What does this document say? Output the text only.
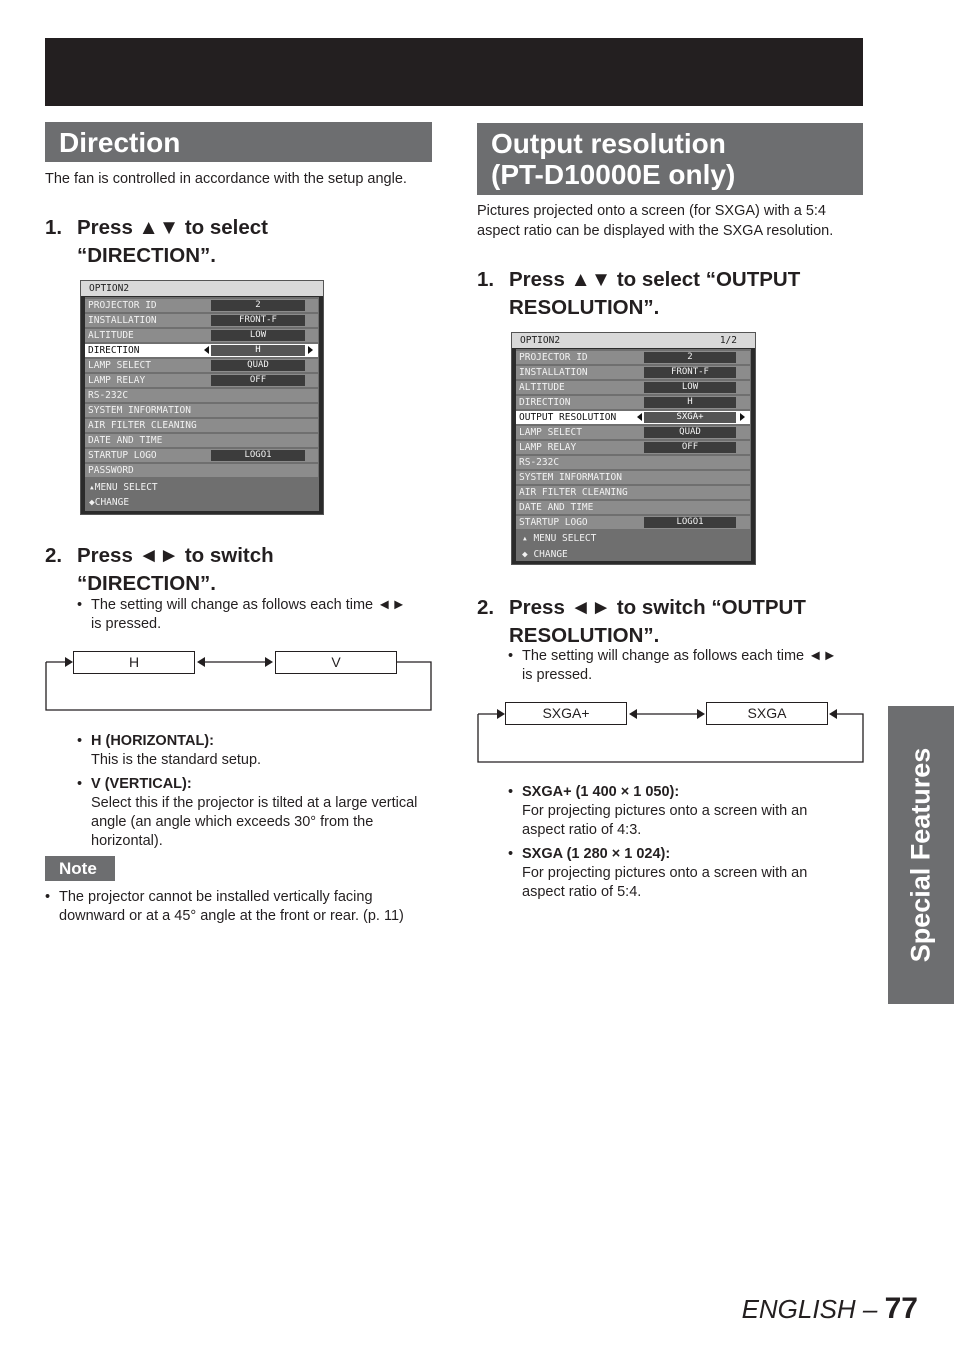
Direction
The fan is controlled in accordance with the setup angle.
1. Press ▲▼ to select “DIRECTION”.
OPTION2
PROJECTOR ID	2
INSTALLATION	FRONT-F
ALTITUDE	LOW
DIRECTION	H
LAMP SELECT	QUAD
LAMP RELAY	OFF
RS-232C
SYSTEM INFORMATION
AIR FILTER CLEANING
DATE AND TIME
STARTUP LOGO	LOGO1
PASSWORD
▴MENU SELECT
◆CHANGE
2. Press ◄► to switch “DIRECTION”.
• The setting will change as follows each time ◄► is pressed.
H	V
• H (HORIZONTAL):
This is the standard setup.
• V (VERTICAL):
Select this if the projector is tilted at a large vertical angle (an angle which exceeds 30° from the horizontal).
Note
• The projector cannot be installed vertically facing downward or at a 45° angle at the front or rear. (p. 11)
Output resolution
(PT-D10000E only)
Pictures projected onto a screen (for SXGA) with a 5:4 aspect ratio can be displayed with the SXGA resolution.
1. Press ▲▼ to select “OUTPUT RESOLUTION”.
OPTION2	1/2
PROJECTOR ID	2
INSTALLATION	FRONT-F
ALTITUDE	LOW
DIRECTION	H
OUTPUT RESOLUTION	SXGA+
LAMP SELECT	QUAD
LAMP RELAY	OFF
RS-232C
SYSTEM INFORMATION
AIR FILTER CLEANING
DATE AND TIME
STARTUP LOGO	LOGO1
▴ MENU SELECT
◆ CHANGE
2. Press ◄► to switch “OUTPUT RESOLUTION”.
• The setting will change as follows each time ◄► is pressed.
SXGA+	SXGA
• SXGA+ (1 400 × 1 050):
For projecting pictures onto a screen with an aspect ratio of 4:3.
• SXGA (1 280 × 1 024):
For projecting pictures onto a screen with an aspect ratio of 5:4.	Special Features
ENGLISH – 77
